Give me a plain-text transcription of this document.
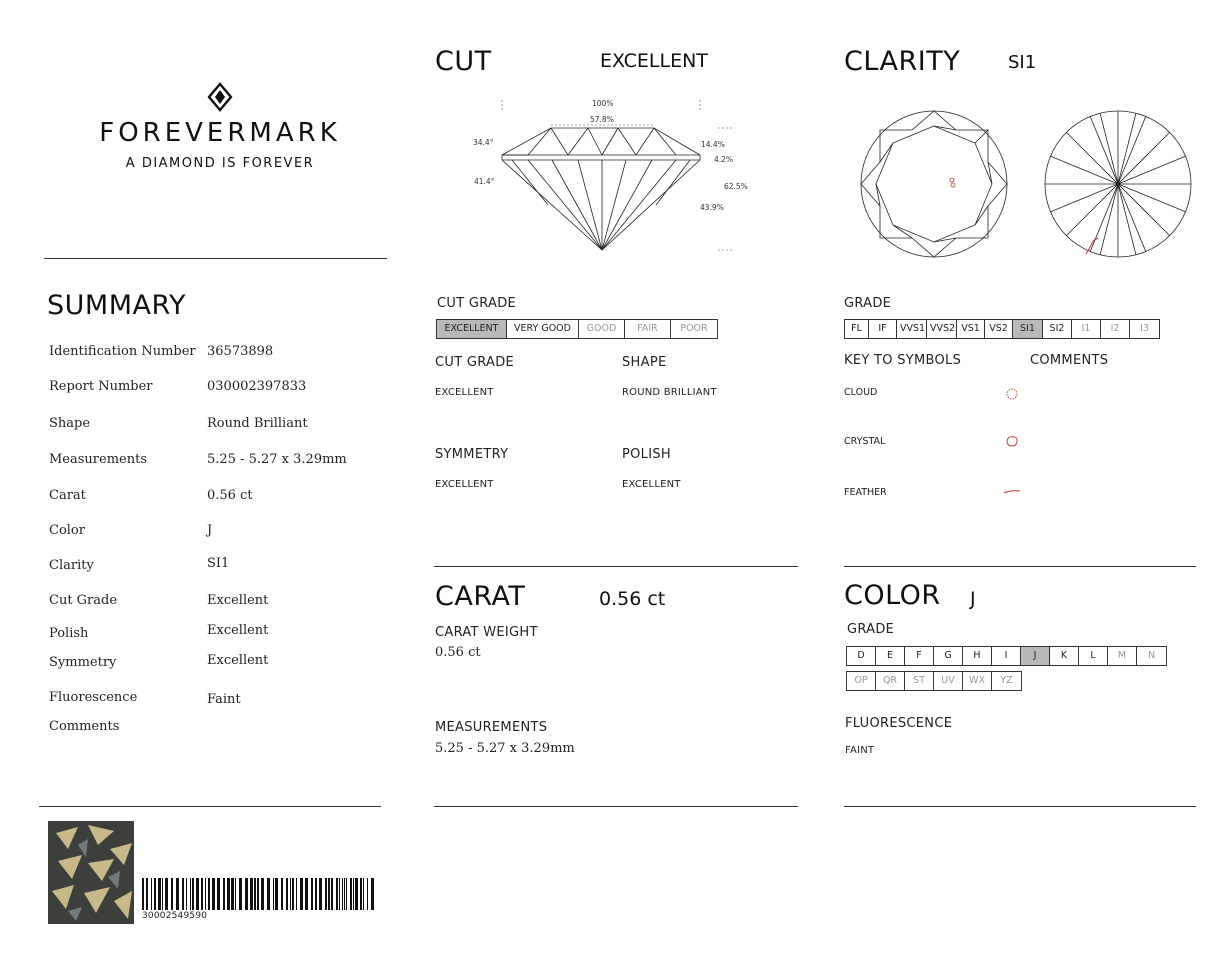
FOREVERMARK
A DIAMOND IS FOREVER
SUMMARY
Identification Number 36573898
Report Number	030002397833
Shape	Round Brilliant
Measurements	5.25 - 5.27 x 3.29mm
Carat	0.56 ct
Color	J
Clarity	SI1
Cut Grade	Excellent
Polish	Excellent
Symmetry	Excellent
Fluorescence	Faint
Comments
30002549590
CUT	EXCELLENT
100%
57.8%
34.4°
41.4°
14.4%
4.2%
62.5%
43.9%
CUT GRADE
EXCELLENT	VERY GOOD	GOOD	FAIR	POOR
CUT GRADE
EXCELLENT
SHAPE
ROUND BRILLIANT
SYMMETRY
EXCELLENT
POLISH
EXCELLENT
CARAT	0.56 ct
CARAT WEIGHT
0.56 ct
MEASUREMENTS
5.25 - 5.27 x 3.29mm
CLARITY	SI1
GRADE
FL	IF	VVS1 VVS2 VS1 VS2	SI1	SI2	I1	I2	I3
KEY TO SYMBOLS	COMMENTS
CLOUD
CRYSTAL
FEATHER
COLOR J
GRADE
D	E	F	G	H	I	J	K	L	M	N
OP	QR	ST	UV	WX	YZ
FLUORESCENCE
FAINT
